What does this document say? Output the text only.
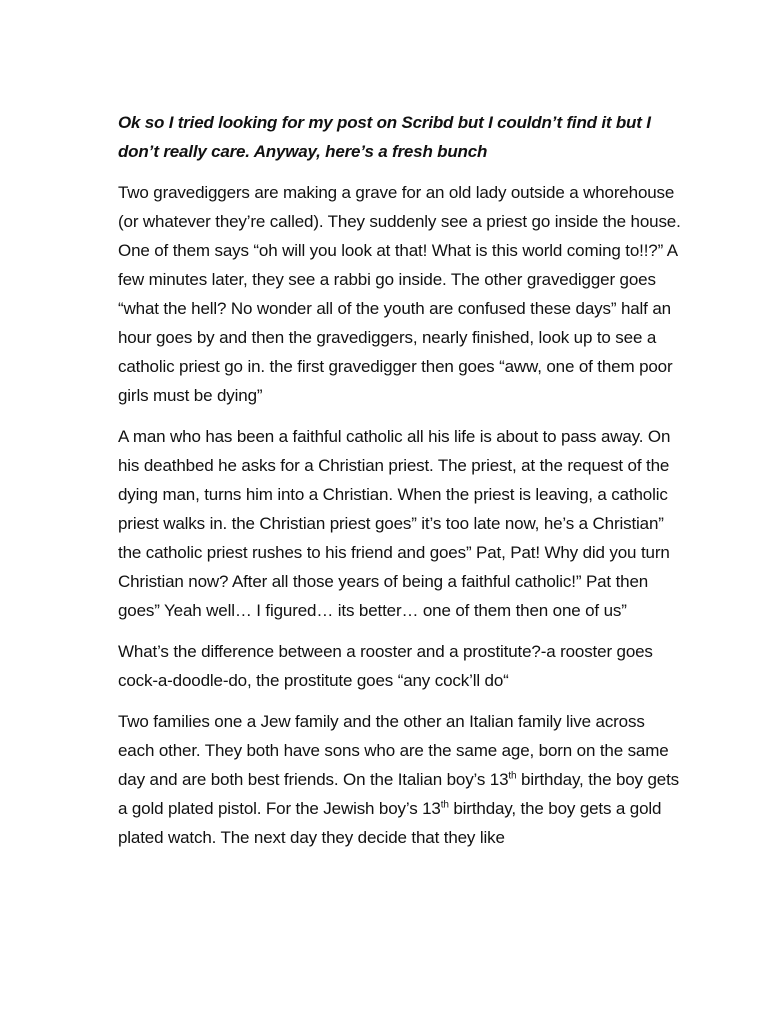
Ok so I tried looking for my post on Scribd but I couldn’t find it but I don’t really care. Anyway, here’s a fresh bunch

Two gravediggers are making a grave for an old lady outside a whorehouse (or whatever they’re called). They suddenly see a priest go inside the house. One of them says “oh will you look at that! What is this world coming to!!?” A few minutes later, they see a rabbi go inside. The other gravedigger goes “what the hell? No wonder all of the youth are confused these days” half an hour goes by and then the gravediggers, nearly finished, look up to see a catholic priest go in. the first gravedigger then goes “aww, one of them poor girls must be dying”

A man who has been a faithful catholic all his life is about to pass away. On his deathbed he asks for a Christian priest. The priest, at the request of the dying man, turns him into a Christian. When the priest is leaving, a catholic priest walks in. the Christian priest goes” it’s too late now, he’s a Christian” the catholic priest rushes to his friend and goes” Pat, Pat! Why did you turn Christian now? After all those years of being a faithful catholic!” Pat then goes” Yeah well… I figured… its better… one of them then one of us”

What’s the difference between a rooster and a prostitute?-a rooster goes cock-a-doodle-do, the prostitute goes “any cock’ll do“

Two families one a Jew family and the other an Italian family live across each other. They both have sons who are the same age, born on the same day and are both best friends. On the Italian boy’s 13th birthday, the boy gets a gold plated pistol. For the Jewish boy’s 13th birthday, the boy gets a gold plated watch. The next day they decide that they like
